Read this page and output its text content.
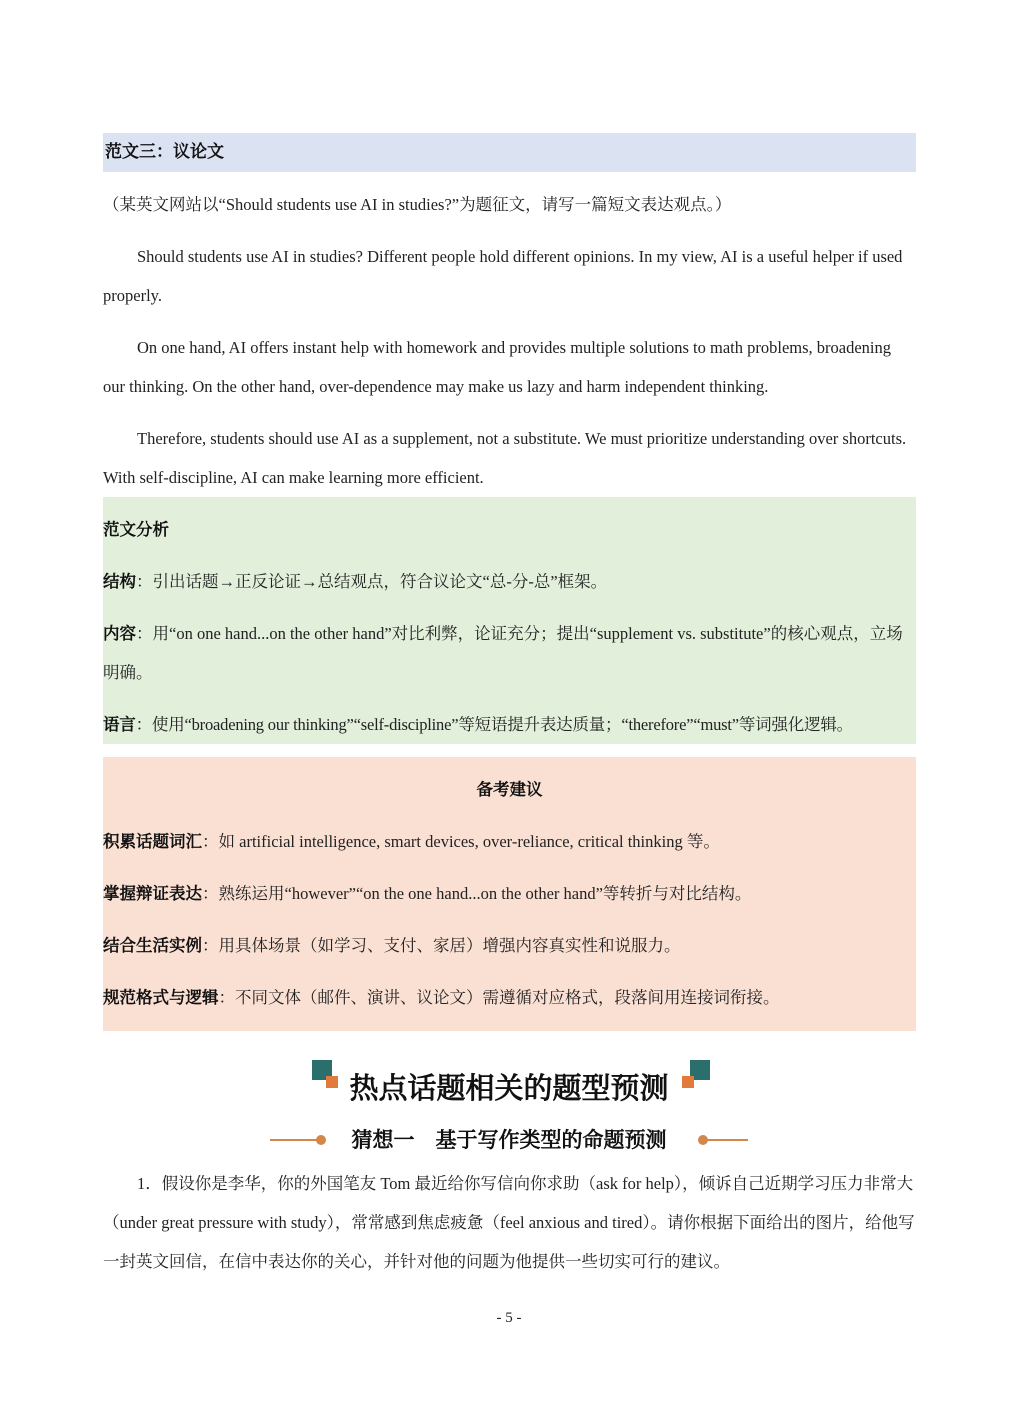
范文三：议论文
（某英文网站以“Should students use AI in studies?”为题征文，请写一篇短文表达观点。）
Should students use AI in studies? Different people hold different opinions. In my view, AI is a useful helper if used properly.
On one hand, AI offers instant help with homework and provides multiple solutions to math problems, broadening our thinking. On the other hand, over-dependence may make us lazy and harm independent thinking.
Therefore, students should use AI as a supplement, not a substitute. We must prioritize understanding over shortcuts. With self-discipline, AI can make learning more efficient.
范文分析
结构：引出话题→正反论证→总结观点，符合议论文“总-分-总”框架。
内容：用“on one hand...on the other hand”对比利弊，论证充分；提出“supplement vs. substitute”的核心观点，立场明确。
语言：使用“broadening our thinking”“self-discipline”等短语提升表达质量；“therefore”“must”等词强化逻辑。
备考建议
积累话题词汇：如 artificial intelligence, smart devices, over-reliance, critical thinking 等。
掌握辩证表达：熟练运用“however”“on the one hand...on the other hand”等转折与对比结构。
结合生活实例：用具体场景（如学习、支付、家居）增强内容真实性和说服力。
规范格式与逻辑：不同文体（邮件、演讲、议论文）需遵循对应格式，段落间用连接词衔接。
热点话题相关的题型预测
猜想一　基于写作类型的命题预测
1．假设你是李华，你的外国笔友 Tom 最近给你写信向你求助（ask for help），倾诉自己近期学习压力非常大（under great pressure with study），常常感到焦虑疲惫（feel anxious and tired）。请你根据下面给出的图片，给他写一封英文回信，在信中表达你的关心，并针对他的问题为他提供一些切实可行的建议。
- 5 -
